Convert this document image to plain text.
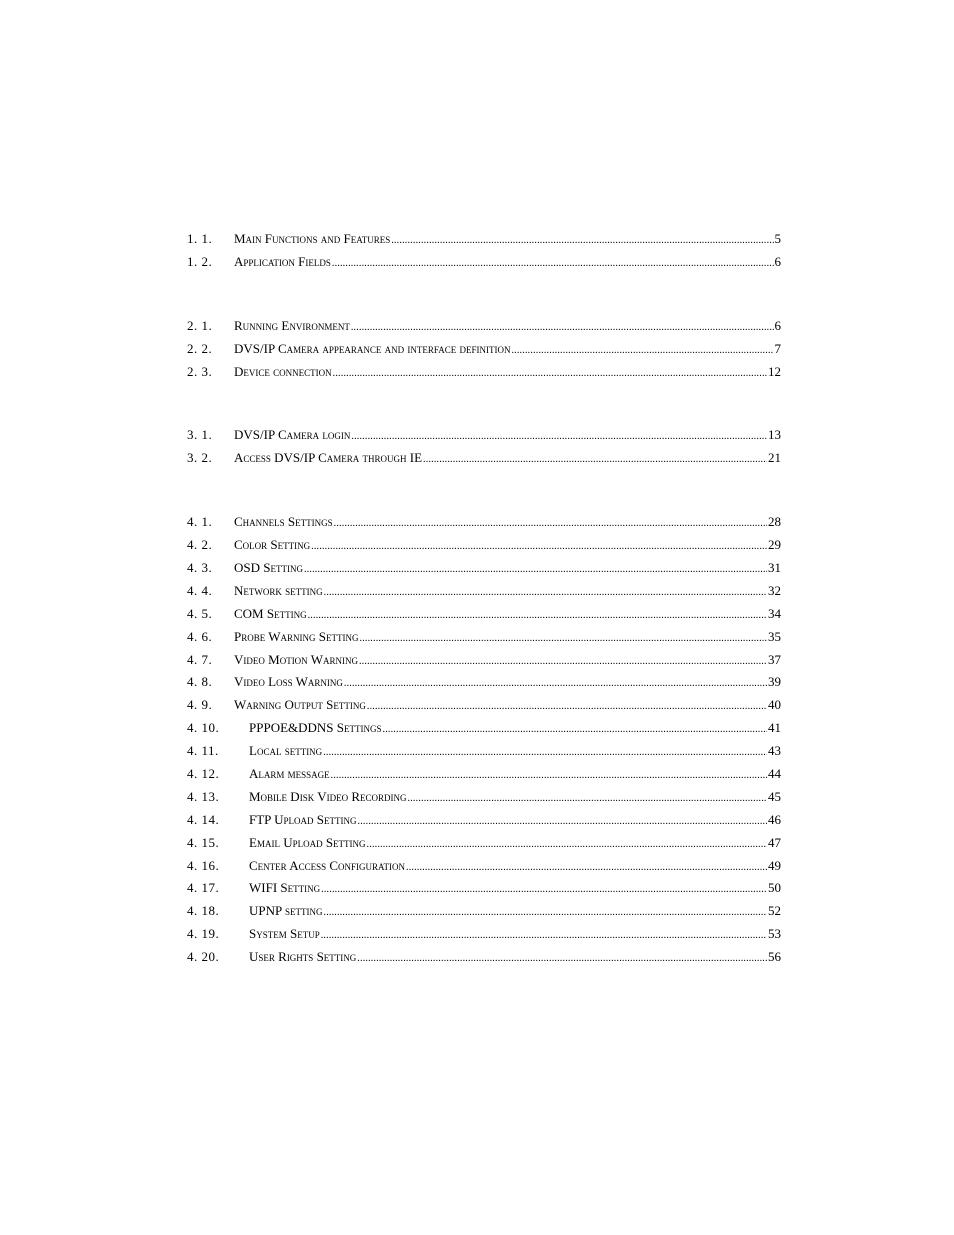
1. 1.	Main Functions and Features .....	5
1. 2.	Application Fields .....	6
2. 1.	Running Environment .....	6
2. 2.	DVS/IP Camera appearance and interface definition .....	7
2. 3.	Device connection .....	12
3. 1.	DVS/IP Camera login .....	13
3. 2.	Access DVS/IP Camera through IE .....	21
4. 1.	Channels Settings .....	28
4. 2.	Color Setting .....	29
4. 3.	OSD Setting .....	31
4. 4.	Network setting .....	32
4. 5.	COM Setting .....	34
4. 6.	Probe Warning Setting .....	35
4. 7.	Video Motion Warning .....	37
4. 8.	Video Loss Warning .....	39
4. 9.	Warning Output Setting .....	40
4. 10.	PPPOE&DDNS Settings .....	41
4. 11.	Local setting .....	43
4. 12.	Alarm message .....	44
4. 13.	Mobile Disk Video Recording .....	45
4. 14.	FTP Upload Setting .....	46
4. 15.	Email Upload Setting .....	47
4. 16.	Center Access Configuration .....	49
4. 17.	WIFI Setting .....	50
4. 18.	UPNP setting .....	52
4. 19.	System Setup .....	53
4. 20.	User Rights Setting .....	56
